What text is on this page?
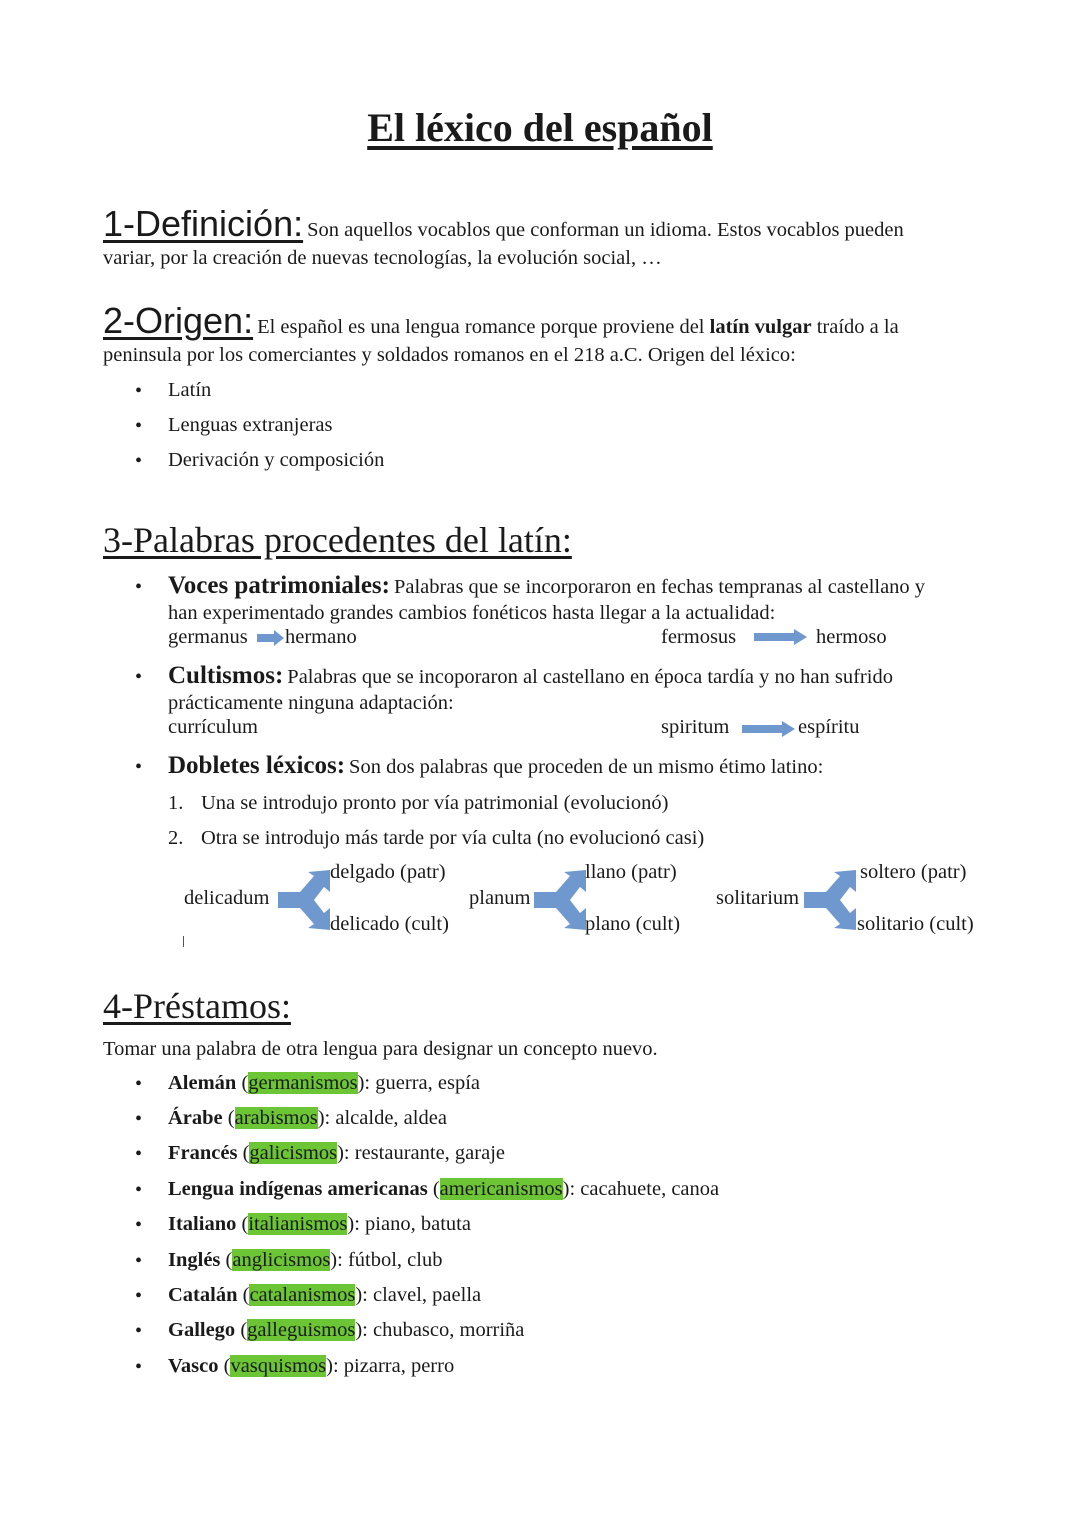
El léxico del español
1-Definición: Son aquellos vocablos que conforman un idioma. Estos vocablos pueden
variar, por la creación de nuevas tecnologías, la evolución social, …
2-Origen: El español es una lengua romance porque proviene del latín vulgar traído a la
peninsula por los comerciantes y soldados romanos en el 218 a.C. Origen del léxico:
• Latín
• Lenguas extranjeras
• Derivación y composición
3-Palabras procedentes del latín:
• Voces patrimoniales: Palabras que se incorporaron en fechas tempranas al castellano y
han experimentado grandes cambios fonéticos hasta llegar a la actualidad:
germanus hermano	fermosus	hermoso
• Cultismos: Palabras que se incoporaron al castellano en época tardía y no han sufrido
prácticamente ninguna adaptación:
currículum	spiritum	espíritu
• Dobletes léxicos: Son dos palabras que proceden de un mismo étimo latino:
1. Una se introdujo pronto por vía patrimonial (evolucionó)
2. Otra se introdujo más tarde por vía culta (no evolucionó casi)
delicadum
delgado (patr)
delicado (cult)
planum
llano (patr)
plano (cult)
solitarium
soltero (patr)
solitario (cult)
4-Préstamos:
Tomar una palabra de otra lengua para designar un concepto nuevo.
• Alemán (germanismos): guerra, espía
• Árabe (arabismos): alcalde, aldea
• Francés (galicismos): restaurante, garaje
• Lengua indígenas americanas (americanismos): cacahuete, canoa
• Italiano (italianismos): piano, batuta
• Inglés (anglicismos): fútbol, club
• Catalán (catalanismos): clavel, paella
• Gallego (galleguismos): chubasco, morriña
• Vasco (vasquismos): pizarra, perro
